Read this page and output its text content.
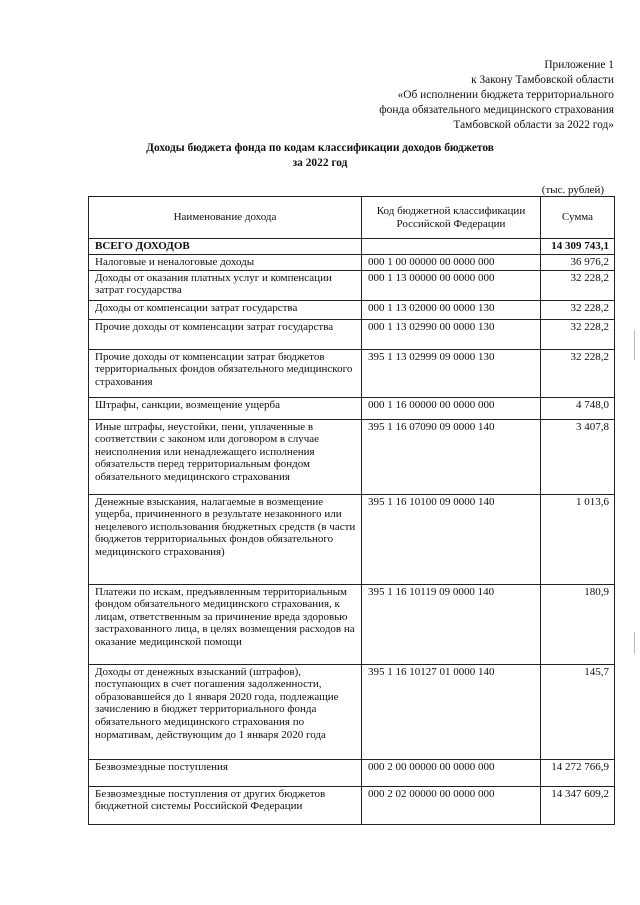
Приложение 1
к Закону Тамбовской области
«Об исполнении бюджета территориального
фонда обязательного медицинского страхования
Тамбовской области за 2022 год»
Доходы бюджета фонда по кодам классификации доходов бюджетов
за 2022 год
(тыс. рублей)
Наименование дохода	Код бюджетной классификации Российской Федерации	Сумма
ВСЕГО ДОХОДОВ		14 309 743,1
Налоговые и неналоговые доходы	000 1 00 00000 00 0000 000	36 976,2
Доходы от оказания платных услуг и компенсации затрат государства	000 1 13 00000 00 0000 000	32 228,2
Доходы от компенсации затрат государства	000 1 13 02000 00 0000 130	32 228,2
Прочие доходы от компенсации затрат государства	000 1 13 02990 00 0000 130	32 228,2
Прочие доходы от компенсации затрат бюджетов территориальных фондов обязательного медицинского страхования	395 1 13 02999 09 0000 130	32 228,2
Штрафы, санкции, возмещение ущерба	000 1 16 00000 00 0000 000	4 748,0
Иные штрафы, неустойки, пени, уплаченные в соответствии с законом или договором в случае неисполнения или ненадлежащего исполнения обязательств перед территориальным фондом обязательного медицинского страхования	395 1 16 07090 09 0000 140	3 407,8
Денежные взыскания, налагаемые в возмещение ущерба, причиненного в результате незаконного или нецелевого использования бюджетных средств (в части бюджетов территориальных фондов обязательного медицинского страхования)	395 1 16 10100 09 0000 140	1 013,6
Платежи по искам, предъявленным территориальным фондом обязательного медицинского страхования, к лицам, ответственным за причинение вреда здоровью застрахованного лица, в целях возмещения расходов на оказание медицинской помощи	395 1 16 10119 09 0000 140	180,9
Доходы от денежных взысканий (штрафов), поступающих в счет погашения задолженности, образовавшейся до 1 января 2020 года, подлежащие зачислению в бюджет территориального фонда обязательного медицинского страхования по нормативам, действующим до 1 января 2020 года	395 1 16 10127 01 0000 140	145,7
Безвозмездные поступления	000 2 00 00000 00 0000 000	14 272 766,9
Безвозмездные поступления от других бюджетов бюджетной системы Российской Федерации	000 2 02 00000 00 0000 000	14 347 609,2
